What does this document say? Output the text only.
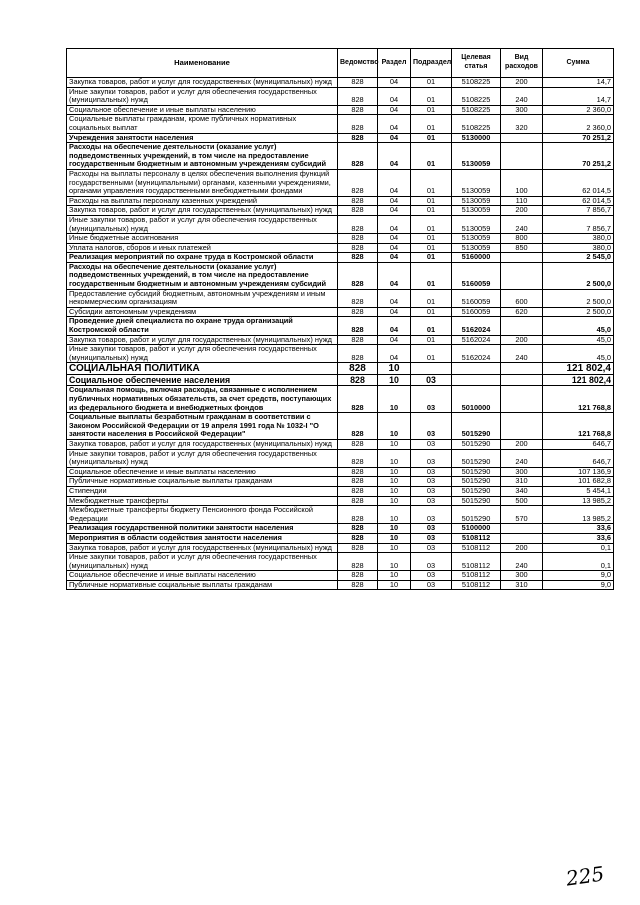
Наименование	Ведомство	Раздел	Подраздел	Целевая статья	Вид расходов	Сумма
Закупка товаров, работ и услуг для государственных (муниципальных) нужд	828	04	01	5108225	200	14,7
Иные закупки товаров, работ и услуг для обеспечения государственных (муниципальных) нужд	828	04	01	5108225	240	14,7
Социальное обеспечение и иные выплаты населению	828	04	01	5108225	300	2 360,0
Социальные выплаты гражданам, кроме публичных нормативных социальных выплат	828	04	01	5108225	320	2 360,0
Учреждения занятости населения	828	04	01	5130000		70 251,2
Расходы на обеспечение деятельности (оказание услуг) подведомственных учреждений, в том числе на предоставление государственным бюджетным и автономным учреждениям субсидий	828	04	01	5130059		70 251,2
Расходы на выплаты персоналу в целях обеспечения выполнения функций государственными (муниципальными) органами, казенными учреждениями, органами управления государственными внебюджетными фондами	828	04	01	5130059	100	62 014,5
Расходы на выплаты персоналу казенных учреждений	828	04	01	5130059	110	62 014,5
Закупка товаров, работ и услуг для государственных (муниципальных) нужд	828	04	01	5130059	200	7 856,7
Иные закупки товаров, работ и услуг для обеспечения государственных (муниципальных) нужд	828	04	01	5130059	240	7 856,7
Иные бюджетные ассигнования	828	04	01	5130059	800	380,0
Уплата налогов, сборов и иных платежей	828	04	01	5130059	850	380,0
Реализация мероприятий по охране труда в Костромской области	828	04	01	5160000		2 545,0
Расходы на обеспечение деятельности (оказание услуг) подведомственных учреждений, в том числе на предоставление государственным бюджетным и автономным учреждениям субсидий	828	04	01	5160059		2 500,0
Предоставление субсидий бюджетным, автономным учреждениям и иным некоммерческим организациям	828	04	01	5160059	600	2 500,0
Субсидии автономным учреждениям	828	04	01	5160059	620	2 500,0
Проведение дней специалиста по охране труда организаций Костромской области	828	04	01	5162024		45,0
Закупка товаров, работ и услуг для государственных (муниципальных) нужд	828	04	01	5162024	200	45,0
Иные закупки товаров, работ и услуг для обеспечения государственных (муниципальных) нужд	828	04	01	5162024	240	45,0
СОЦИАЛЬНАЯ ПОЛИТИКА	828	10				121 802,4
Социальное обеспечение населения	828	10	03			121 802,4
Социальная помощь, включая расходы, связанные с исполнением публичных нормативных обязательств, за счет средств, поступающих из федерального бюджета и внебюджетных фондов	828	10	03	5010000		121 768,8
Социальные выплаты безработным гражданам в соответствии с Законом Российской Федерации от 19 апреля 1991 года № 1032-I "О занятости населения в Российской Федерации"	828	10	03	5015290		121 768,8
Закупка товаров, работ и услуг для государственных (муниципальных) нужд	828	10	03	5015290	200	646,7
Иные закупки товаров, работ и услуг для обеспечения государственных (муниципальных) нужд	828	10	03	5015290	240	646,7
Социальное обеспечение и иные выплаты населению	828	10	03	5015290	300	107 136,9
Публичные нормативные социальные выплаты гражданам	828	10	03	5015290	310	101 682,8
Стипендии	828	10	03	5015290	340	5 454,1
Межбюджетные трансферты	828	10	03	5015290	500	13 985,2
Межбюджетные трансферты бюджету Пенсионного фонда Российской Федерации	828	10	03	5015290	570	13 985,2
Реализация государственной политики занятости населения	828	10	03	5100000		33,6
Мероприятия в области содействия занятости населения	828	10	03	5108112		33,6
Закупка товаров, работ и услуг для государственных (муниципальных) нужд	828	10	03	5108112	200	0,1
Иные закупки товаров, работ и услуг для обеспечения государственных (муниципальных) нужд	828	10	03	5108112	240	0,1
Социальное обеспечение и иные выплаты населению	828	10	03	5108112	300	9,0
Публичные нормативные социальные выплаты гражданам	828	10	03	5108112	310	9,0
225
